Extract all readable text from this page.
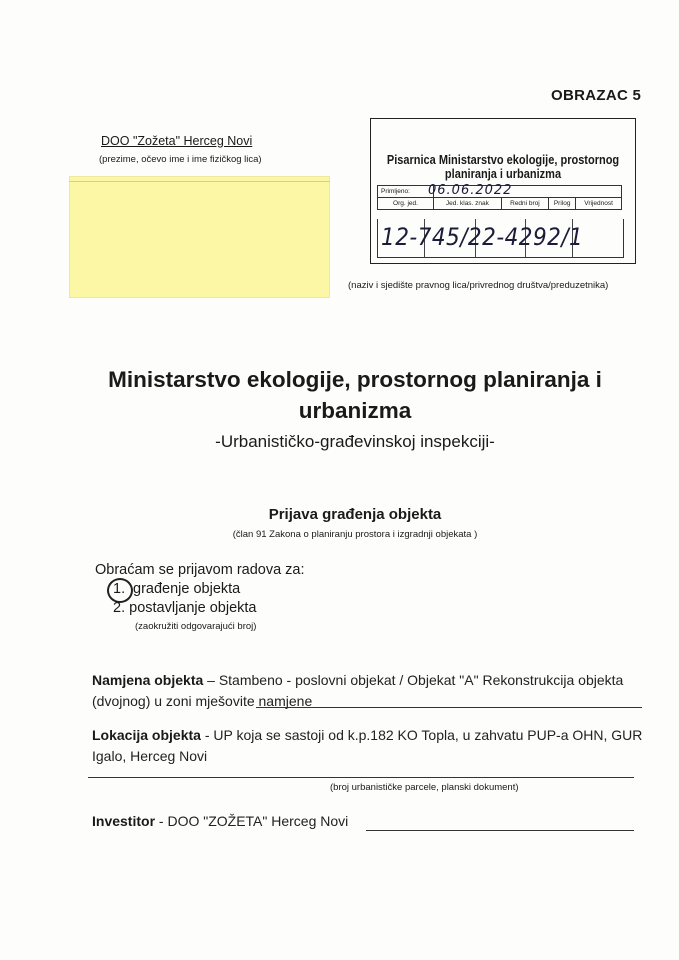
OBRAZAC 5
DOO "Zožeta" Herceg Novi
(prezime, očevo ime i ime fizičkog lica)	Pisarnica Ministarstvo ekologije, prostornog
planiranja i urbanizma
Primljeno:				
Org. jed.	Jed. klas. znak	Redni broj	Prilog	Vrijednost
06.06.2022
12-745/22-4292/1
(naziv i sjedište pravnog lica/privrednog društva/preduzetnika)
Ministarstvo ekologije, prostornog planiranja i
urbanizma
-Urbanističko-građevinskoj inspekciji-
Prijava građenja objekta
(član 91 Zakona o planiranju prostora i izgradnji objekata )
Obraćam se prijavom radova za:
1. građenje objekta
2. postavljanje objekta
(zaokružiti odgovarajući broj)
Namjena objekta – Stambeno - poslovni objekat / Objekat "A" Rekonstrukcija objekta (dvojnog) u zoni mješovite namjene
Lokacija objekta - UP koja se sastoji od k.p.182 KO Topla, u zahvatu PUP-a OHN, GUR Igalo, Herceg Novi
(broj urbanističke parcele, planski dokument)
Investitor - DOO "ZOŽETA" Herceg Novi
